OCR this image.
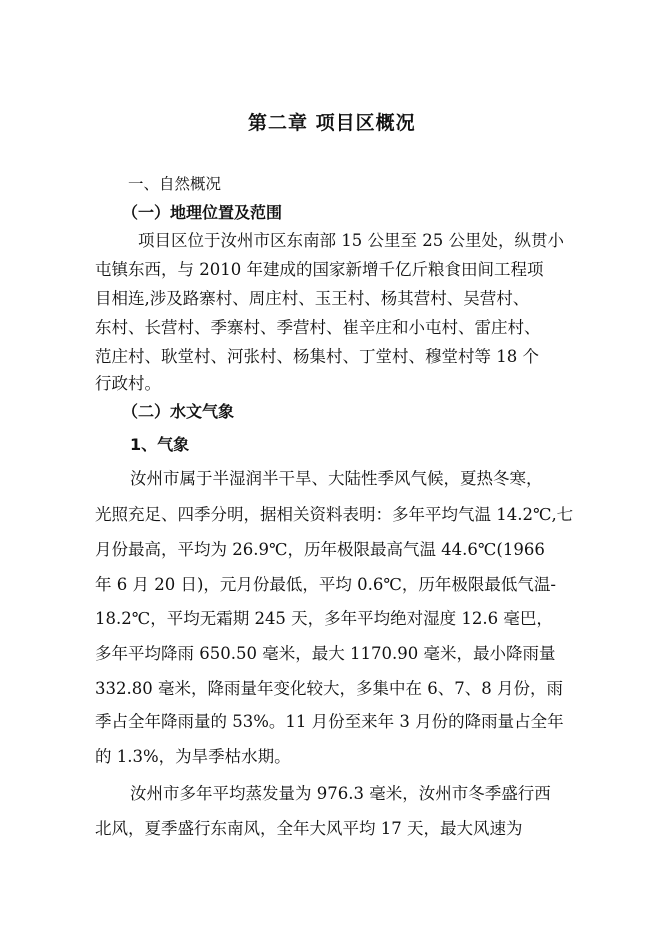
第二章 项目区概况
一、自然概况
（一）地理位置及范围
项目区位于汝州市区东南部 15 公里至 25 公里处，纵贯小
屯镇东西，与 2010 年建成的国家新增千亿斤粮食田间工程项
目相连,涉及路寨村、周庄村、玉王村、杨其营村、吴营村、
东村、长营村、季寨村、季营村、崔辛庄和小屯村、雷庄村、
范庄村、耿堂村、河张村、杨集村、丁堂村、穆堂村等 18 个
行政村。
（二）水文气象
1、气象
汝州市属于半湿润半干旱、大陆性季风气候，夏热冬寒，
光照充足、四季分明，据相关资料表明：多年平均气温 14.2℃,七
月份最高，平均为 26.9℃，历年极限最高气温 44.6℃(1966
年 6 月 20 日)，元月份最低，平均 0.6℃，历年极限最低气温-
18.2℃，平均无霜期 245 天，多年平均绝对湿度 12.6 毫巴，
多年平均降雨 650.50 毫米，最大 1170.90 毫米，最小降雨量
332.80 毫米，降雨量年变化较大，多集中在 6、7、8 月份，雨
季占全年降雨量的 53%。11 月份至来年 3 月份的降雨量占全年
的 1.3%，为旱季枯水期。
汝州市多年平均蒸发量为 976.3 毫米，汝州市冬季盛行西
北风，夏季盛行东南风，全年大风平均 17 天，最大风速为
